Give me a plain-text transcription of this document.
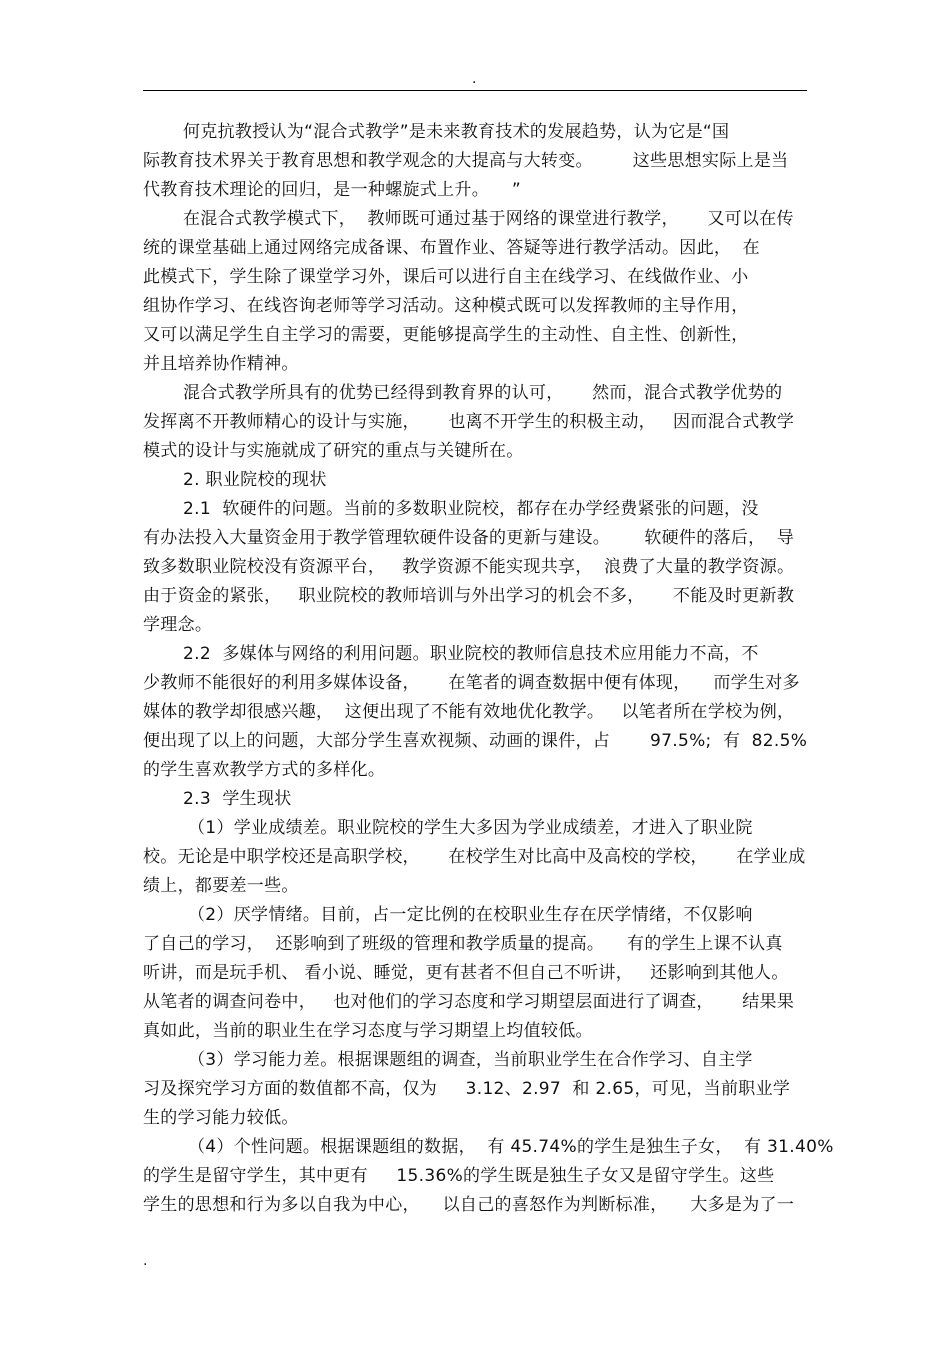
.
何克抗教授认为“混合式教学”是未来教育技术的发展趋势，认为它是“国
际教育技术界关于教育思想和教学观念的大提高与大转变。       这些思想实际上是当
代教育技术理论的回归，是一种螺旋式上升。    ”
在混合式教学模式下，  教师既可通过基于网络的课堂进行教学，     又可以在传
统的课堂基础上通过网络完成备课、布置作业、答疑等进行教学活动。因此，  在
此模式下，学生除了课堂学习外，课后可以进行自主在线学习、在线做作业、小
组协作学习、在线咨询老师等学习活动。这种模式既可以发挥教师的主导作用，
又可以满足学生自主学习的需要，更能够提高学生的主动性、自主性、创新性，
并且培养协作精神。
混合式教学所具有的优势已经得到教育界的认可，     然而，混合式教学优势的
发挥离不开教师精心的设计与实施，     也离不开学生的积极主动，   因而混合式教学
模式的设计与实施就成了研究的重点与关键所在。
2. 职业院校的现状
2.1  软硬件的问题。当前的多数职业院校，都存在办学经费紧张的问题，没
有办法投入大量资金用于教学管理软硬件设备的更新与建设。      软硬件的落后，  导
致多数职业院校没有资源平台，   教学资源不能实现共享，  浪费了大量的教学资源。
由于资金的紧张，   职业院校的教师培训与外出学习的机会不多，     不能及时更新教
学理念。
2.2  多媒体与网络的利用问题。职业院校的教师信息技术应用能力不高，不
少教师不能很好的利用多媒体设备，     在笔者的调查数据中便有体现，    而学生对多
媒体的教学却很感兴趣，  这便出现了不能有效地优化教学。   以笔者所在学校为例，
便出现了以上的问题，大部分学生喜欢视频、动画的课件，占       97.5%;  有  82.5%
的学生喜欢教学方式的多样化。
2.3  学生现状
（1）学业成绩差。职业院校的学生大多因为学业成绩差，才进入了职业院
校。无论是中职学校还是高职学校，     在校学生对比高中及高校的学校，     在学业成
绩上，都要差一些。
（2）厌学情绪。目前，占一定比例的在校职业生存在厌学情绪，不仅影响
了自己的学习，  还影响到了班级的管理和教学质量的提高。    有的学生上课不认真
听讲，而是玩手机、 看小说、睡觉，更有甚者不但自己不听讲，   还影响到其他人。
从笔者的调查问卷中，   也对他们的学习态度和学习期望层面进行了调查，     结果果
真如此，当前的职业生在学习态度与学习期望上均值较低。
（3）学习能力差。根据课题组的调查，当前职业学生在合作学习、自主学
习及探究学习方面的数值都不高，仅为     3.12、2.97  和 2.65，可见，当前职业学
生的学习能力较低。
（4）个性问题。根据课题组的数据，  有 45.74%的学生是独生子女，  有 31.40%
的学生是留守学生，其中更有     15.36%的学生既是独生子女又是留守学生。这些
学生的思想和行为多以自我为中心，    以自己的喜怒作为判断标准，    大多是为了一
.
